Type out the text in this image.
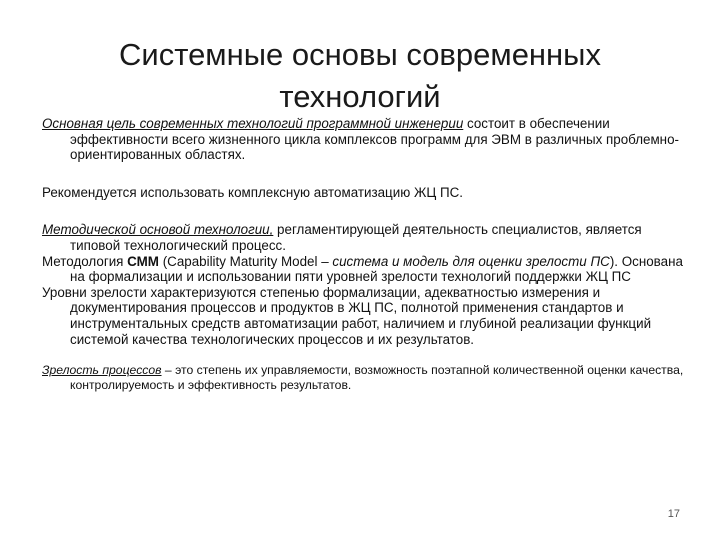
Системные основы современных
технологий

Основная цель современных технологий программной инженерии состоит в обеспечении эффективности всего жизненного цикла комплексов программ для ЭВМ в различных проблемно-ориентированных областях.

Рекомендуется использовать комплексную автоматизацию ЖЦ ПС.

Методической основой технологии, регламентирующей деятельность специалистов, является типовой технологический процесс.

Методология СММ (Capability Maturity Model – система и модель для оценки зрелости ПС). Основана на формализации и использовании пяти уровней зрелости технологий поддержки ЖЦ ПС

Уровни зрелости характеризуются степенью формализации, адекватностью измерения и документирования процессов и продуктов в ЖЦ ПС, полнотой применения стандартов и инструментальных средств автоматизации работ, наличием и глубиной реализации функций системой качества технологических процессов и их результатов.

Зрелость процессов – это степень их управляемости, возможность поэтапной количественной оценки качества, контролируемость и эффективность результатов.

17
